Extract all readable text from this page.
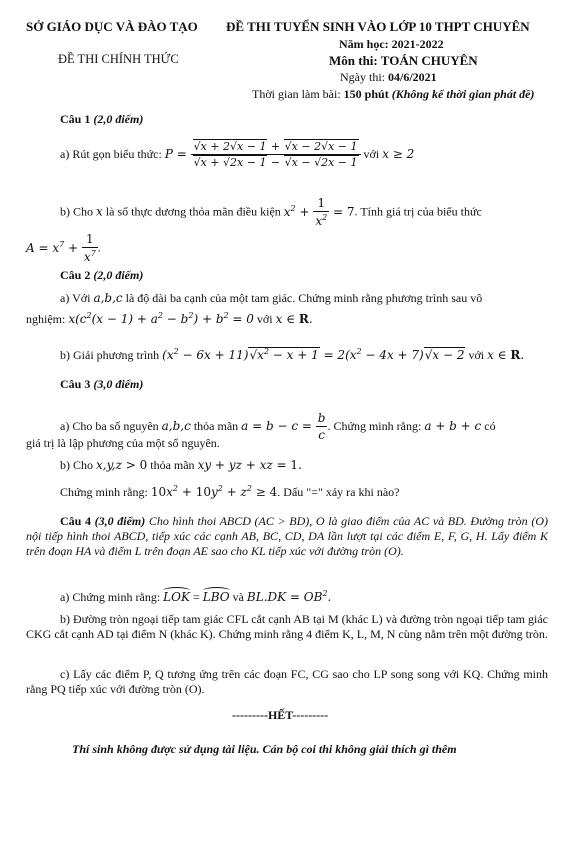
SỞ GIÁO DỤC VÀ ĐÀO TẠO
ĐỀ THI CHÍNH THỨC
ĐỀ THI TUYỂN SINH VÀO LỚP 10 THPT CHUYÊN
Năm học: 2021-2022
Môn thi: TOÁN CHUYÊN
Ngày thi: 04/6/2021
Thời gian làm bài: 150 phút (Không kể thời gian phát đề)
Câu 1 (2,0 điểm)
a) Rút gọn biểu thức: $P = \frac{√x + 2√x - 1 + √x - 2√x - 1}{√x + √2x - 1 - √x - √2x - 1}$ với x ≥ 2
b) Cho x là số thực dương thỏa mãn điều kiện $x^2 + \frac{1}{x^2} = 7$. Tính giá trị của biểu thức
$A = x^7 + \frac{1}{x^7}$ .
Câu 2 (2,0 điểm)
a) Với a,b,c là độ dài ba cạnh của một tam giác. Chứng minh rằng phương trình sau vô
nghiệm: $x(c^2(x - 1) + a^2 - b^2) + b^2 = 0$ với x ∈ R.
b) Giải phương trình $(x^2 - 6x + 11)√x^2 - x + 1 = 2(x^2 - 4x + 7)√x - 2$ với x ∈ R.
Câu 3 (3,0 điểm)
a) Cho ba số nguyên a,b,c thỏa mãn $a = b - c = \frac{b}{c}$ . Chứng minh rằng: a + b + c có
giá trị là lập phương của một số nguyên.
b) Cho x,y,z > 0 thỏa mãn xy + yz + xz = 1.
Chứng minh rằng: $10x^2 + 10y^2 + z^2 \ge 4$. Dấu "=" xảy ra khi nào?
Câu 4 (3,0 điểm) Cho hình thoi ABCD (AC > BD), O là giao điểm của AC và BD. Đường tròn (O) nội tiếp hình thoi ABCD, tiếp xúc các cạnh AB, BC, CD, DA lần lượt tại các điểm E, F, G, H. Lấy điểm K trên đoạn HA và điểm L trên đoạn AE sao cho KL tiếp xúc với đường tròn (O).
a) Chứng minh rằng: LOK = LBO và $BL.DK = OB^2$.
b) Đường tròn ngoại tiếp tam giác CFL cắt cạnh AB tại M (khác L) và đường tròn ngoại tiếp tam giác CKG cắt cạnh AD tại điểm N (khác K). Chứng minh rằng 4 điểm K, L, M, N cùng nằm trên một đường tròn.
c) Lấy các điểm P, Q tương ứng trên các đoạn FC, CG sao cho LP song song với KQ. Chứng minh rằng PQ tiếp xúc với đường tròn (O).
---------HẾT---------
Thí sinh không được sử dụng tài liệu. Cán bộ coi thi không giải thích gì thêm
